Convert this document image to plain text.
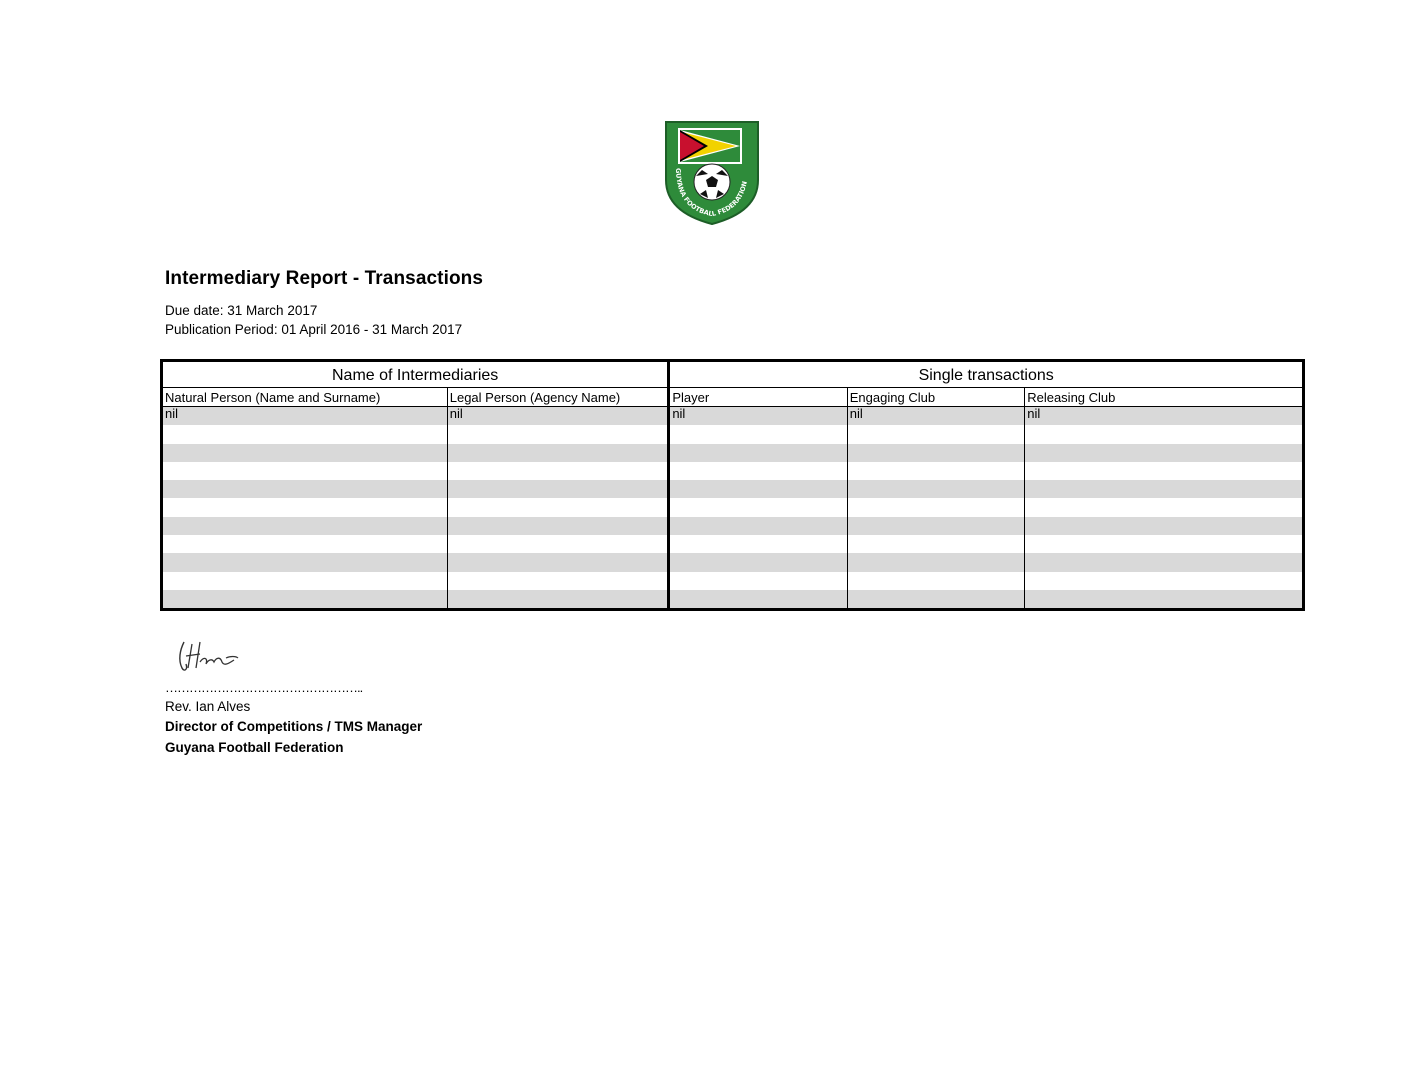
GUYANA FOOTBALL FEDERATION
Intermediary Report - Transactions
Due date: 31 March 2017
Publication Period: 01 April 2016 - 31 March 2017
Name of Intermediaries		Single transactions		
Natural Person (Name and Surname)	Legal Person (Agency Name)	Player	Engaging Club	Releasing Club
nil	nil	nil	nil	nil

…………………………………………..
Rev. Ian Alves
Director of Competitions / TMS Manager
Guyana Football Federation
